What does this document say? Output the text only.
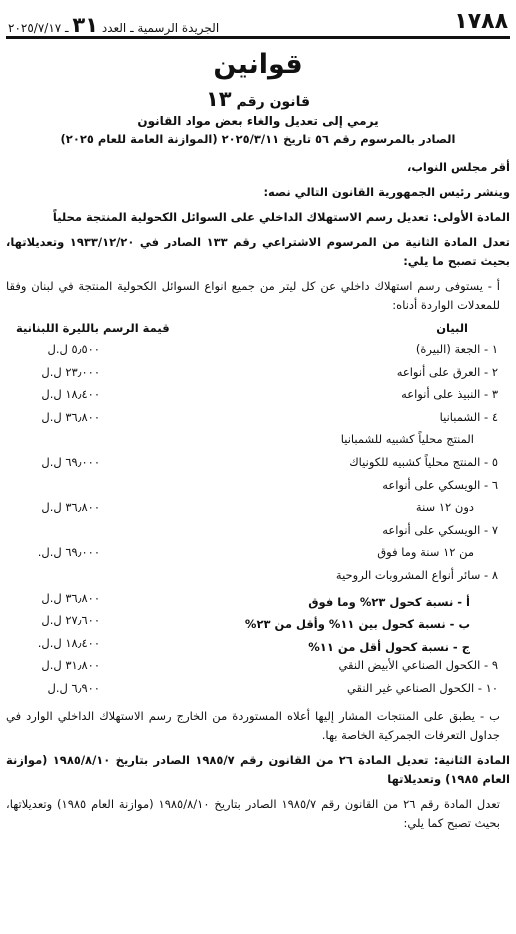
١٧٨٨
الجريدة الرسمية ـ العدد ٣١ ـ ٢٠٢٥/٧/١٧
قوانين
قانون رقم ١٣
يرمي إلى تعديل والغاء بعض مواد القانون
الصادر بالمرسوم رقم ٥٦ تاريخ ٢٠٢٥/٣/١١ (الموازنة العامة للعام ٢٠٢٥)
أقر مجلس النواب،
وينشر رئيس الجمهورية القانون التالي نصه:
المادة الأولى: تعديل رسم الاستهلاك الداخلي على السوائل الكحولية المنتجة محلياً
تعدل المادة الثانية من المرسوم الاشتراعي رقم ١٣٣ الصادر في ١٩٣٣/١٢/٢٠ وتعديلاتها، بحيث تصبح ما يلي:
أ - يستوفى رسم استهلاك داخلي عن كل ليتر من جميع انواع السوائل الكحولية المنتجة في لبنان وفقا للمعدلات الواردة أدناه:
البيان
قيمة الرسم بالليرة اللبنانية
١ - الجعة (البيرة)
٥٫٥٠٠ ل.ل
٢ - العرق على أنواعه
٢٣٫٠٠٠ ل.ل
٣ - النبيذ على أنواعه
١٨٫٤٠٠ ل.ل
٤ - الشمبانيا
٣٦٫٨٠٠ ل.ل
المنتج محلياً كشبيه للشمبانيا
٥ - المنتج محلياً كشبيه للكونياك
٦٩٫٠٠٠ ل.ل
٦ - الويسكي على أنواعه
دون ١٢ سنة
٣٦٫٨٠٠ ل.ل
٧ - الويسكي على أنواعه
من ١٢ سنة وما فوق
٦٩٫٠٠٠ ل.ل.
٨ - سائر أنواع المشروبات الروحية
أ - نسبة كحول ٢٣% وما فوق
٣٦٫٨٠٠ ل.ل
ب - نسبة كحول بين ١١% وأقل من ٢٣%
٢٧٫٦٠٠ ل.ل
ج - نسبة كحول أقل من ١١%
١٨٫٤٠٠ ل.ل.
٩ - الكحول الصناعي الأبيض النقي
٣١٫٨٠٠ ل.ل
١٠ - الكحول الصناعي غير النقي
٦٫٩٠٠ ل.ل
ب - يطبق على المنتجات المشار إليها أعلاه المستوردة من الخارج رسم الاستهلاك الداخلي الوارد في جداول التعرفات الجمركية الخاصة بها.
المادة الثانية: تعديل المادة ٢٦ من القانون رقم ١٩٨٥/٧ الصادر بتاريخ ١٩٨٥/٨/١٠ (موازنة العام ١٩٨٥) وتعديلاتها
تعدل المادة رقم ٢٦ من القانون رقم ١٩٨٥/٧ الصادر بتاريخ ١٩٨٥/٨/١٠ (موازنة العام ١٩٨٥) وتعديلاتها، بحيث تصبح كما يلي:
